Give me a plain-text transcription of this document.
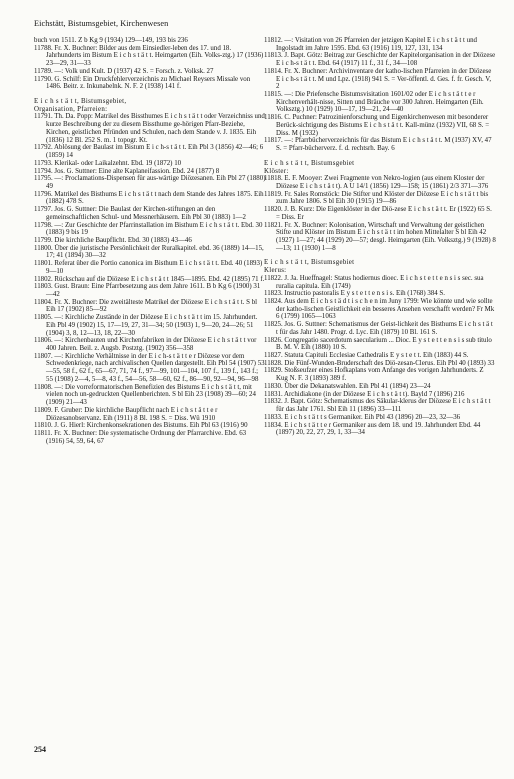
Eichstätt, Bistumsgebiet, Kirchenwesen

buch von 1511. Z b Kg 9 (1934) 129—149, 193 bis 236

11788. Fr. X. Buchner: Bilder aus dem Einsiedler-leben des 17. und 18. Jahrhunderts im Bistum E i c h s t ä t t. Heimgarten (Eih. Volks-ztg.) 17 (1936) 23—29, 31—33

11789. —: Volk und Kult. D (1937) 42 S. = Forsch. z. Volksk. 27

11790. G. Schilf: Ein Druckfehlerverzeichnis zu Michael Reysers Missale von 1486. Beitr. z. Inkunabelnk. N. F. 2 (1938) 141 f.

E i c h s t ä t t, Bistumsgebiet,

Organisation, Pfarreien:

11791. Th. Da. Popp: Matrikel des Bissthumes E i c h s t ä t t oder Verzeichniss und kurze Beschreibung der zu diesem Bissthume ge-hörigen Pfarr-Beziehe, Kirchen, geistlichen Pfründen und Schulen, nach dem Stande v. J. 1835. Eih (1836) 12 Bl. 252 S. m. 1 topogr. Kt.

11792. Ablösung der Baulast im Bistum E i c h-s t ä t t. Eih Pbl 3 (1856) 42—46; 6 (1859) 14

11793. Klerikal- oder Laikalzehnt. Ebd. 19 (1872) 10

11794. Jos. G. Suttner: Eine alte Kaplaneifassion. Ebd. 24 (1877) 8

11795. —: Proclamations-Dispensen für aus-wärtige Diözesanen. Eih Pbl 27 (1880) 49

11796. Matrikel des Bisthums E i c h s t ä t t nach dem Stande des Jahres 1875. Eih (1882) 478 S.

11797. Jos. G. Suttner: Die Baulast der Kirchen-stiftungen an den gemeinschaftlichen Schul- und Messnerhäusern. Eih Pbl 30 (1883) 1—2

11798. —: Zur Geschichte der Pfarrinstallation im Bisthum E i c h s t ä t t. Ebd. 30 (1883) 9 bis 19

11799. Die kirchliche Baupflicht. Ebd. 30 (1883) 43—46

11800. Über die juristische Persönlichkeit der Ruralkapitel. ebd. 36 (1889) 14—15, 17; 41 (1894) 30—32

11801. Referat über die Portio canonica im Bisthum E i c h s t ä t t. Ebd. 40 (1893) 9—10

11802. Rückschau auf die Diözese E i c h s t ä t t 1845—1895. Ebd. 42 (1895) 71 f.

11803. Gust. Braun: Eine Pfarrbesetzung aus dem Jahre 1611. B b Kg 6 (1900) 31—42

11804. Fr. X. Buchner: Die zweitälteste Matrikel der Diözese E i c h s t ä t t. S bl Eih 17 (1902) 85—92

11805. —: Kirchliche Zustände in der Diözese E i c h s t ä t t im 15. Jahrhundert. Eih Pbl 49 (1902) 15, 17—19, 27, 31—34; 50 (1903) 1, 9—20, 24—26; 51 (1904) 3, 8, 12—13, 18, 22—30

11806. —: Kirchenbauten und Kirchenfabriken in der Diözese E i c h s t ä t t vor 400 Jahren. Beil. z. Augsb. Postztg. (1902) 356—358

11807. —: Kirchliche Verhältnisse in der E i c h-s t ä t t e r Diözese vor dem Schwedenkriege, nach archivalischen Quellen dargestellt. Eih Pbl 54 (1907) 53—55, 58 f., 62 f., 65—67, 71, 74 f., 97—99, 101—104, 107 f., 139 f., 143 f.; 55 (1908) 2—4, 5—8, 43 f., 54—56, 58—60, 62 f., 86—90, 92—94, 96—98

11808. —: Die vorreformatorischen Benefizien des Bistums E i c h s t ä t t, mit vielen noch un-gedruckten Quellenberichten. S bl Eih 23 (1908) 39—60; 24 (1909) 21—43

11809. F. Gruber: Die kirchliche Baupflicht nach E i c h s t ä t t e r Diözesanobservanz. Eih (1911) 8 Bl. 198 S. = Diss. Wü 1910

11810. J. G. Hierl: Kirchenkonsekrationen des Bistums. Eih Pbl 63 (1916) 90

11811. Fr. X. Buchner: Die systematische Ordnung der Pfarrarchive. Ebd. 63 (1916) 54, 59, 64, 67

11812. —: Visitation von 26 Pfarreien der jetzigen Kapitel E i c h s t ä t t und Ingolstadt im Jahre 1595. Ebd. 63 (1916) 119, 127, 131, 134

11813. J. Bapt. Götz: Beitrag zur Geschichte der Kapitelorganisation in der Diözese E i c h-s t ä t t. Ebd. 64 (1917) 11 f., 31 f., 34—108

11814. Fr. X. Buchner: Archivinventare der katho-lischen Pfarreien in der Diözese E i c h-s t ä t t. M und Lpz. (1918) 941 S. = Ver-öffentl. d. Ges. f. fr. Gesch. V, 2

11815. —: Die Priefensche Bistumsvisitation 1601/02 oder E i c h s t ä t t e r Kirchenverhält-nisse, Sitten und Bräuche vor 300 Jahren. Heimgarten (Eih. Volksztg.) 10 (1929) 10—17, 19—21, 24—40

11816. C. Puchner: Patrozinienforschung und Eigenkirchenwesen mit besonderer Berück-sichtigung des Bistums E i c h s t ä t t. Kall-münz (1932) VII, 68 S. = Diss. M (1932)

11817. —: Pfarrbücherverzeichnis für das Bistum E i c h s t ä t t. M (1937) XV, 47 S. = Pfarr-bücherverz. f. d. rechtsrh. Bay. 6

E i c h s t ä t t, Bistumsgebiet

Klöster:

11818. E. F. Mooyer: Zwei Fragmente von Nekro-logien (aus einem Kloster der Diözese E i c h s t ä t t). A U 14/1 (1856) 129—158; 15 (1861) 2/3 371—376

11819. Fr. Sales Romstöck: Die Stifter und Klöster der Diözese E i c h s t ä t t bis zum Jahre 1806. S bl Eih 30 (1915) 19—86

11820. J. B. Kurz: Die Eigenklöster in der Diö-zese E i c h s t ä t t. Er (1922) 65 S. = Diss. Er

11821. Fr. X. Buchner: Kolonisation, Wirtschaft und Verwaltung der geistlichen Stifte und Klöster im Bistum E i c h s t ä t t im hohen Mittelalter S bl Eih 42 (1927) 1—27; 44 (1929) 20—57; desgl. Heimgarten (Eih. Volksztg.) 9 (1928) 8—13; 11 (1930) 1—8

E i c h s t ä t t, Bistumsgebiet

Klerus:

11822. J. Ja. Hueffnagel: Status hodiernus dioec. E i c h s t e t t e n s i s sec. sua ruralia capitula. Eih (1749)

11823. Instructio pastoralis E y s t e t t e n s i s. Eih (1768) 384 S.

11824. Aus dem E i c h s t ä d t i s c h e n im Juny 1799: Wie könnte und wie sollte der katho-lischen Geistlichkeit ein besseres Ansehen verschafft werden? Fr Mk 6 (1799) 1065—1063

11825. Jos. G. Suttner: Schematismus der Geist-lichkeit des Bisthums E i c h s t ä t t für das Jahr 1480. Progr. d. Lyc. Eih (1879) 10 Bl. 161 S.

11826. Congregatio sacerdotum saecularium ... Dioc. E y s t e t t e n s i s sub titulo B. M. V. Eih (1880) 10 S.

11827. Statuta Capituli Ecclesiae Cathedralis E y s t e t t. Eih (1883) 44 S.

11828. Die Fünf-Wunden-Bruderschaft des Diö-zesan-Clerus. Eih Pbl 40 (1893) 33

11829. Stoßseufzer eines Hofkaplans vom Anfange des vorigen Jahrhunderts. Z Kug N. F. 3 (1893) 389 f.

11830. Über die Dekanatswahlen. Eih Pbl 41 (1894) 23—24

11831. Archidiakone (in der Diözese E i c h s t ä t t). Bayld 7 (1896) 216

11832. J. Bapt. Götz: Schematismus des Säkular-klerus der Diözese E i c h s t ä t t für das Jahr 1761. Sbl Eih 11 (1896) 33—111

11833. E i c h s t ä t t s Germaniker. Eih Pbl 43 (1896) 20—23, 32—36

11834. E i c h s t ä t t e r Germaniker aus dem 18. und 19. Jahrhundert Ebd. 44 (1897) 20, 22, 27, 29, 1, 33—34

254
